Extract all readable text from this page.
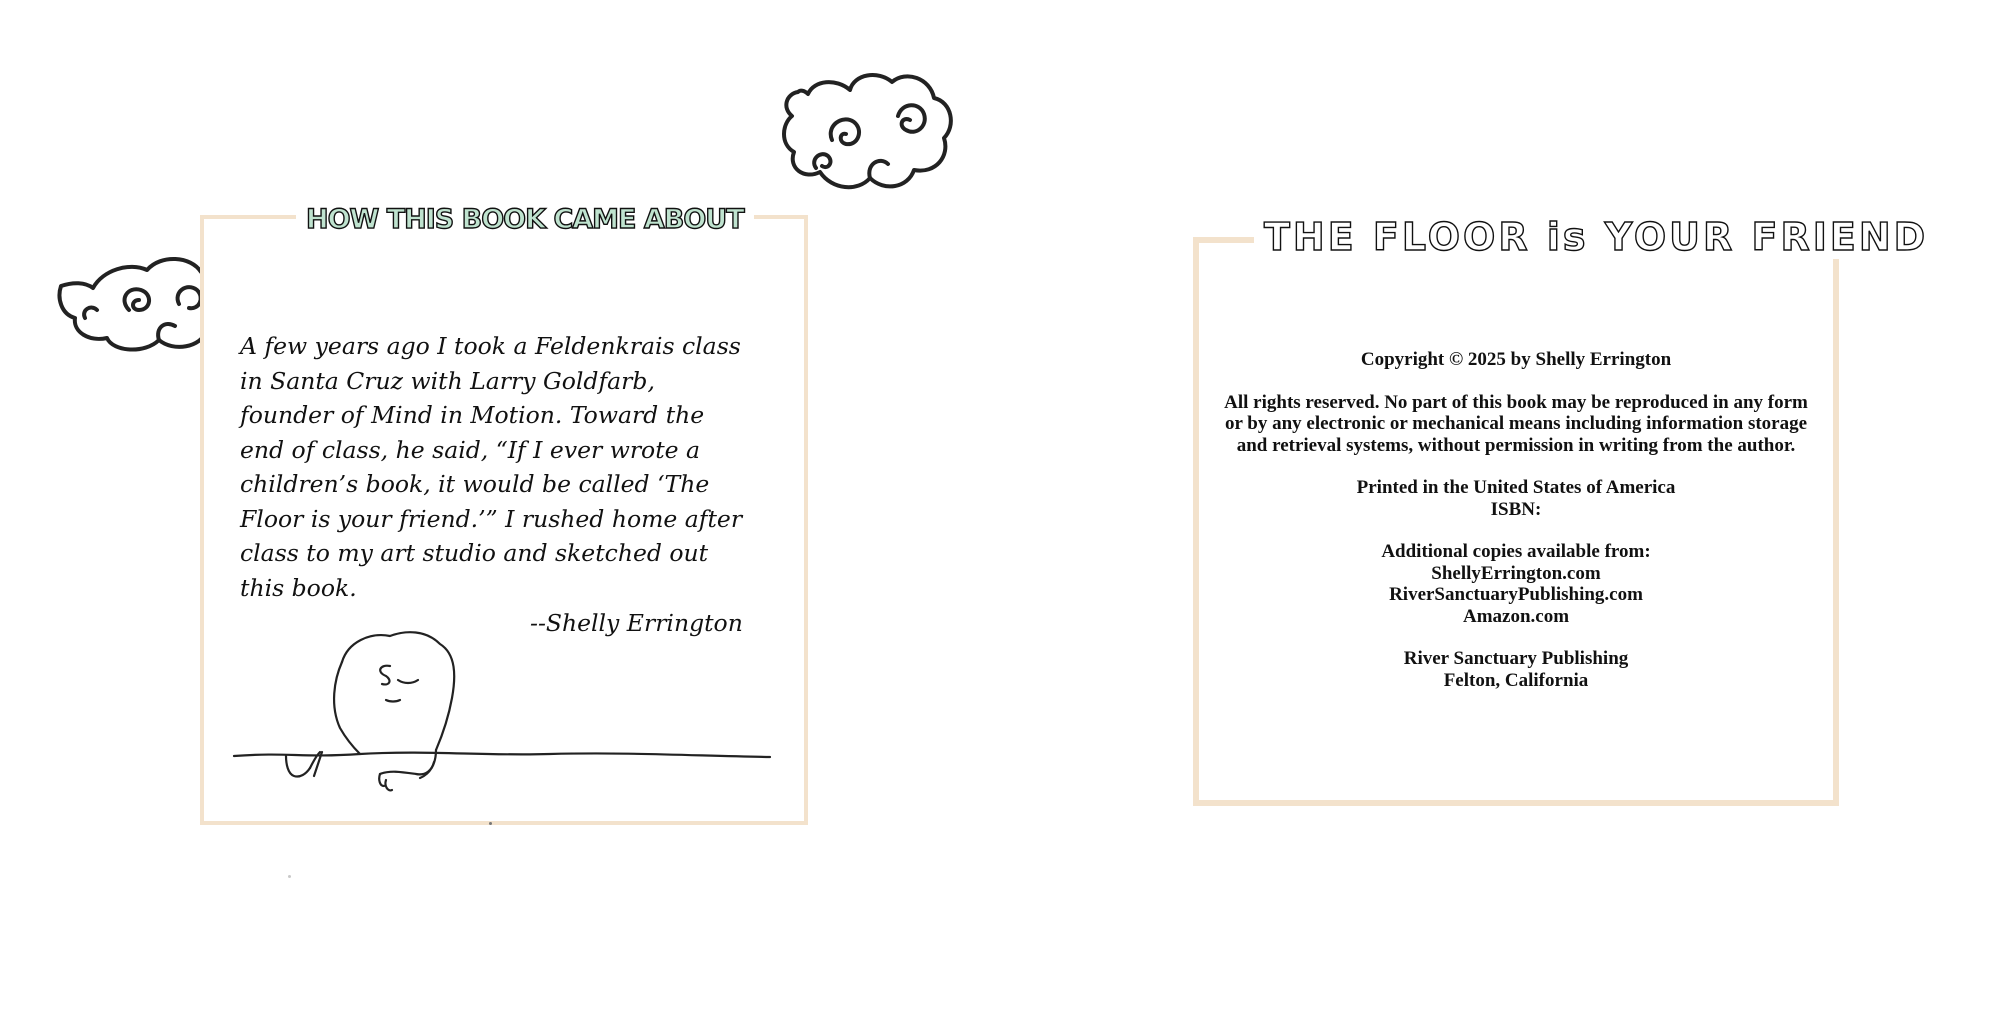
HOW THIS BOOK CAME ABOUT
A few years ago I took a Feldenkrais class
in Santa Cruz with Larry Goldfarb,
founder of Mind in Motion. Toward the
end of class, he said, “If I ever wrote a
children’s book, it would be called ‘The
Floor is your friend.’” I rushed home after
class to my art studio and sketched out
this book.
--Shelly Errington
THE FLOOR is YOUR FRIEND

Copyright © 2025 by Shelly Errington

All rights reserved. No part of this book may be reproduced in any form or by any electronic or mechanical means including information storage and retrieval systems, without permission in writing from the author.

Printed in the United States of America

ISBN:

Additional copies available from:

ShellyErrington.com

RiverSanctuaryPublishing.com

Amazon.com

River Sanctuary Publishing

Felton, California
